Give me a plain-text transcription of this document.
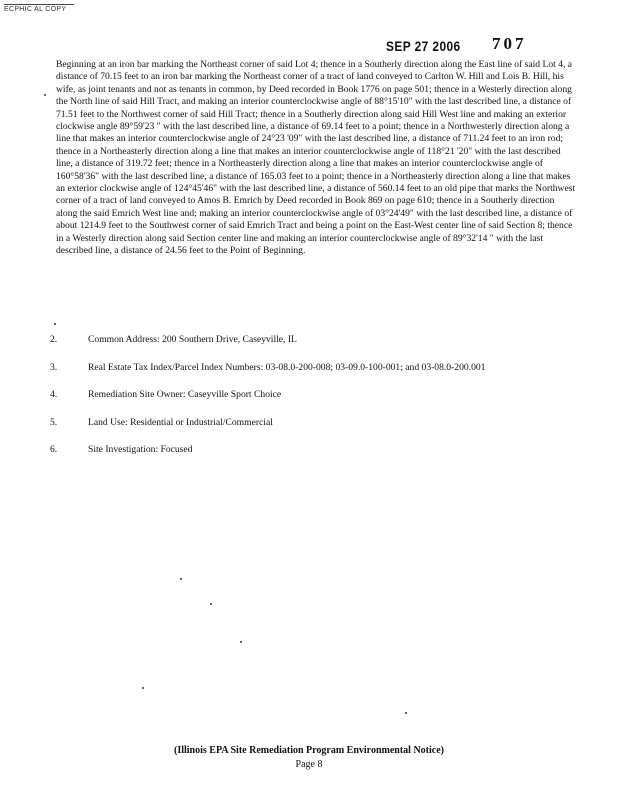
ECPHIC AL COPY
SEP 27 2006 707

Beginning at an iron bar marking the Northeast corner of said Lot 4; thence in a Southerly direction along the East line of said Lot 4, a distance of 70.15 feet to an iron bar marking the Northeast corner of a tract of land conveyed to Carlton W. Hill and Lois B. Hill, his wife, as joint tenants and not as tenants in common, by Deed recorded in Book 1776 on page 501; thence in a Westerly direction along the North line of said Hill Tract, and making an interior counterclockwise angle of 88°15'10" with the last described line, a distance of 71.51 feet to the Northwest corner of said Hill Tract; thence in a Southerly direction along said Hill West line and making an exterior clockwise angle 89°59'23 " with the last described line, a distance of 69.14 feet to a point; thence in a Northwesterly direction along a line that makes an interior counterclockwise angle of 24°23 '09" with the last described line, a distance of 711.24 feet to an iron rod; thence in a Northeasterly direction along a line that makes an interior counterclockwise angle of 118°21 '20" with the last described line, a distance of 319.72 feet; thence in a Northeasterly direction along a line that makes an interior counterclockwise angle of 160°58'36" with the last described line, a distance of 165.03 feet to a point; thence in a Northeasterly direction along a line that makes an exterior clockwise angle of 124°45'46" with the last described line, a distance of 560.14 feet to an old pipe that marks the Northwest corner of a tract of land conveyed to Amos B. Emrich by Deed recorded in Book 869 on page 610; thence in a Southerly direction along the said Emrich West line and; making an interior counterclockwise angle of 03°24'49" with the last described line, a distance of about 1214.9 feet to the Southwest corner of said Emrich Tract and being a point on the East-West center line of said Section 8; thence in a Westerly direction along said Section center line and making an interior counterclockwise angle of 89°32'14 " with the last described line, a distance of 24.56 feet to the Point of Beginning.

2.	Common Address: 200 Southern Drive, Caseyville, IL
3.	Real Estate Tax Index/Parcel Index Numbers: 03-08.0-200-008; 03-09.0-100-001; and 03-08.0-200.001
4.	Remediation Site Owner: Caseyville Sport Choice
5.	Land Use: Residential or Industrial/Commercial
6.	Site Investigation: Focused
(Illinois EPA Site Remediation Program Environmental Notice)
Page 8
